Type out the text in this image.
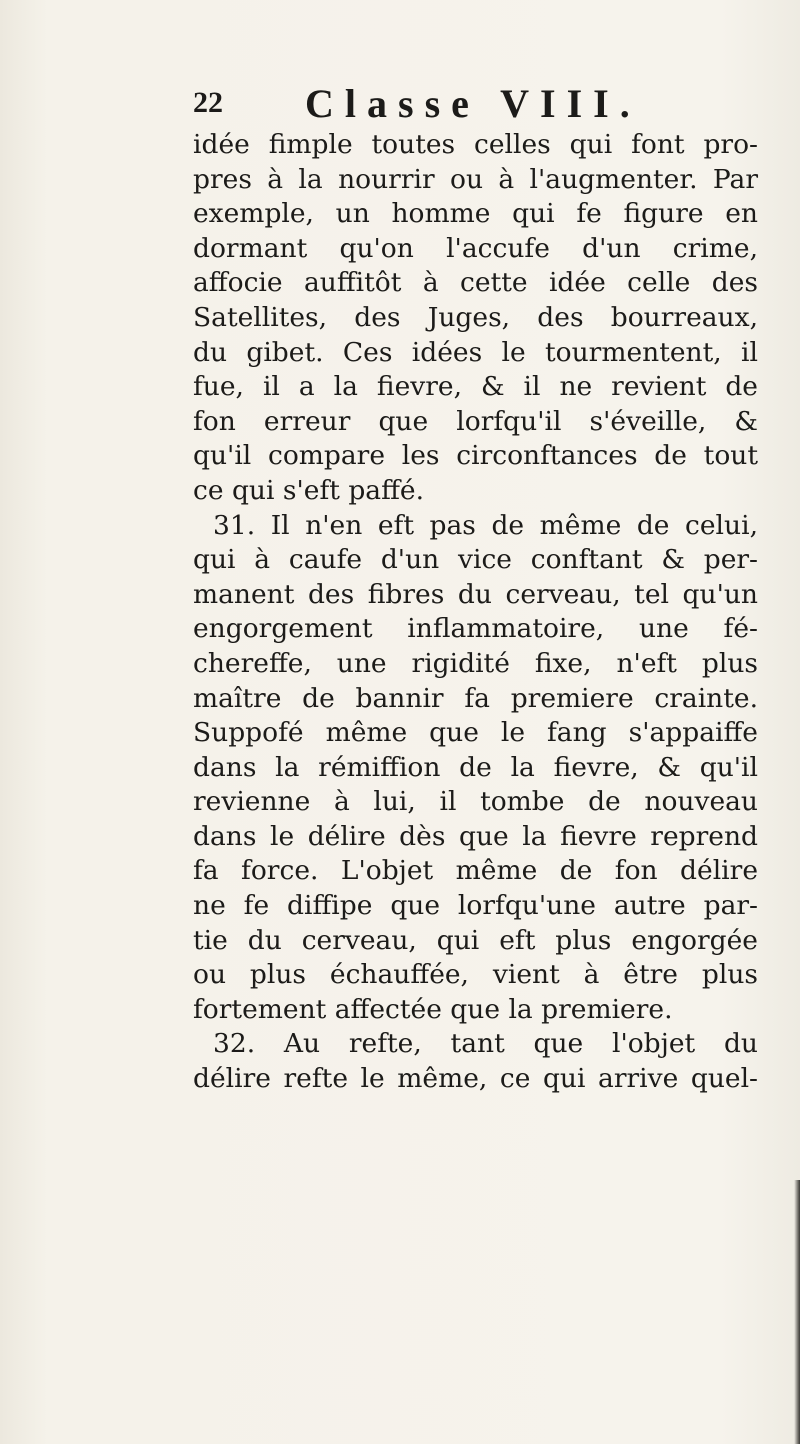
22 Classe VIII.
idée fimple toutes celles qui font pro-
pres à la nourrir ou à l'augmenter. Par
exemple, un homme qui fe figure en
dormant qu'on l'accufe d'un crime,
affocie auffitôt à cette idée celle des
Satellites, des Juges, des bourreaux,
du gibet. Ces idées le tourmentent, il
fue, il a la fievre, & il ne revient de
fon erreur que lorfqu'il s'éveille, &
qu'il compare les circonftances de tout
ce qui s'eft paffé.
31. Il n'en eft pas de même de celui,
qui à caufe d'un vice conftant & per-
manent des fibres du cerveau, tel qu'un
engorgement inflammatoire, une fé-
chereffe, une rigidité fixe, n'eft plus
maître de bannir fa premiere crainte.
Suppofé même que le fang s'appaiffe
dans la rémiffion de la fievre, & qu'il
revienne à lui, il tombe de nouveau
dans le délire dès que la fievre reprend
fa force. L'objet même de fon délire
ne fe diffipe que lorfqu'une autre par-
tie du cerveau, qui eft plus engorgée
ou plus échauffée, vient à être plus
fortement affectée que la premiere.
32. Au refte, tant que l'objet du
délire refte le même, ce qui arrive quel-
